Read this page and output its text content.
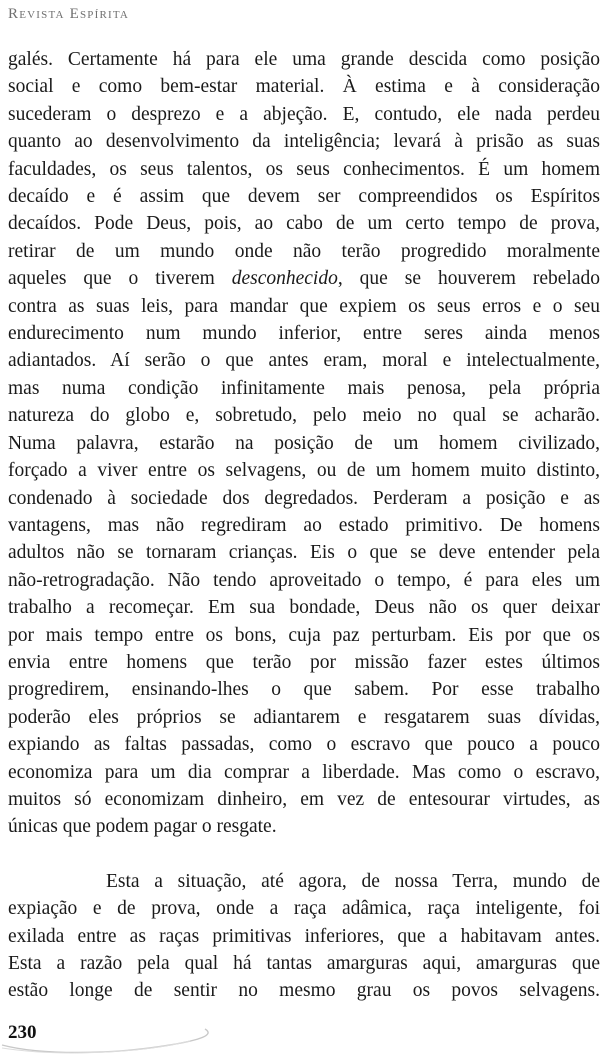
Revista Espírita

galés. Certamente há para ele uma grande descida como posição
social e como bem-estar material. À estima e à consideração
sucederam o desprezo e a abjeção. E, contudo, ele nada perdeu
quanto ao desenvolvimento da inteligência; levará à prisão as suas
faculdades, os seus talentos, os seus conhecimentos. É um homem
decaído e é assim que devem ser compreendidos os Espíritos
decaídos. Pode Deus, pois, ao cabo de um certo tempo de prova,
retirar de um mundo onde não terão progredido moralmente
aqueles que o tiverem desconhecido, que se houverem rebelado
contra as suas leis, para mandar que expiem os seus erros e o seu
endurecimento num mundo inferior, entre seres ainda menos
adiantados. Aí serão o que antes eram, moral e intelectualmente,
mas numa condição infinitamente mais penosa, pela própria
natureza do globo e, sobretudo, pelo meio no qual se acharão.
Numa palavra, estarão na posição de um homem civilizado,
forçado a viver entre os selvagens, ou de um homem muito distinto,
condenado à sociedade dos degredados. Perderam a posição e as
vantagens, mas não regrediram ao estado primitivo. De homens
adultos não se tornaram crianças. Eis o que se deve entender pela
não-retrogradação. Não tendo aproveitado o tempo, é para eles um
trabalho a recomeçar. Em sua bondade, Deus não os quer deixar
por mais tempo entre os bons, cuja paz perturbam. Eis por que os
envia entre homens que terão por missão fazer estes últimos
progredirem, ensinando-lhes o que sabem. Por esse trabalho
poderão eles próprios se adiantarem e resgatarem suas dívidas,
expiando as faltas passadas, como o escravo que pouco a pouco
economiza para um dia comprar a liberdade. Mas como o escravo,
muitos só economizam dinheiro, em vez de entesourar virtudes, as
únicas que podem pagar o resgate.

Esta a situação, até agora, de nossa Terra, mundo de
expiação e de prova, onde a raça adâmica, raça inteligente, foi
exilada entre as raças primitivas inferiores, que a habitavam antes.
Esta a razão pela qual há tantas amarguras aqui, amarguras que
estão longe de sentir no mesmo grau os povos selvagens.

230
